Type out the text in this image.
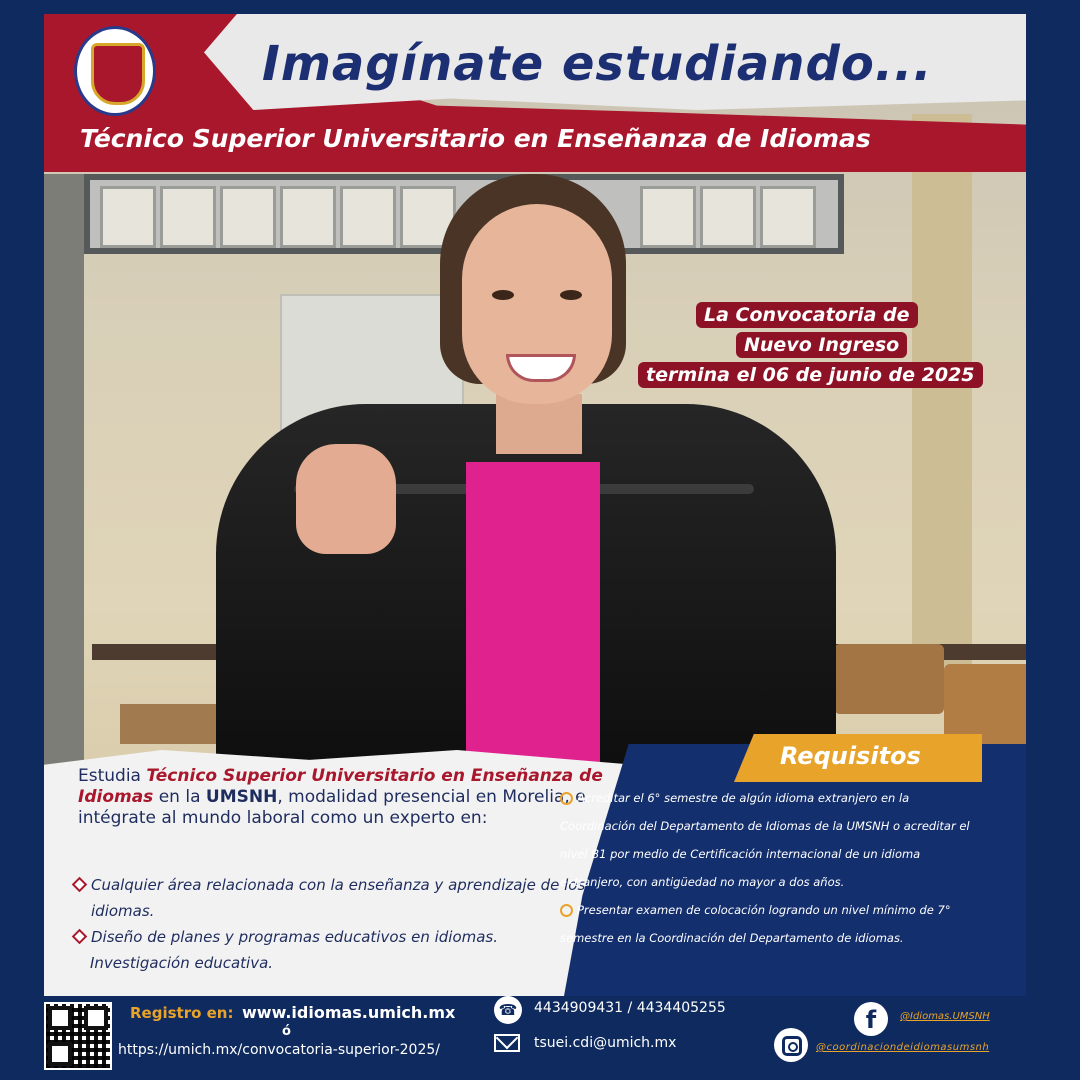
Imagínate estudiando...
Técnico Superior Universitario en Enseñanza de Idiomas
La Convocatoria de
Nuevo Ingreso
termina el 06 de junio de 2025
Estudia Técnico Superior Universitario en Enseñanza de Idiomas en la UMSNH, modalidad presencial en Morelia, e intégrate al mundo laboral como un experto en:
Cualquier área relacionada con la enseñanza y aprendizaje de los idiomas.
Diseño de planes y programas educativos en idiomas.
Investigación educativa.
Requisitos
Acreditar el 6° semestre de algún idioma extranjero en la Coordinación del Departamento de Idiomas de la UMSNH o acreditar el nivel B1 por medio de Certificación internacional de un idioma extranjero, con antigüedad no mayor a dos años.
Presentar examen de colocación logrando un nivel mínimo de 7° semestre en la Coordinación del Departamento de idiomas.
Registro en: www.idiomas.umich.mx
ó
https://umich.mx/convocatoria-superior-2025/
☎	4434909431 / 4434405255
tsuei.cdi@umich.mx
f	@Idiomas.UMSNH
@coordinaciondeidiomasumsnh
